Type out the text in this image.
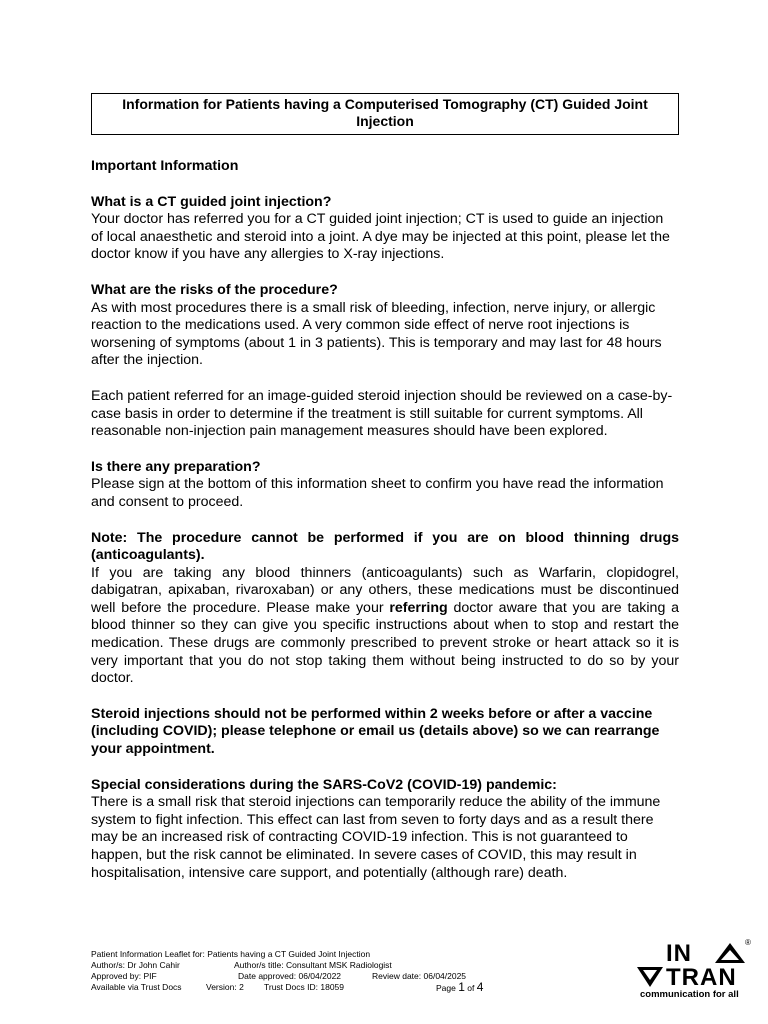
Information for Patients having a Computerised Tomography (CT) Guided Joint Injection

Important Information

What is a CT guided joint injection?

Your doctor has referred you for a CT guided joint injection; CT is used to guide an injection of local anaesthetic and steroid into a joint. A dye may be injected at this point, please let the doctor know if you have any allergies to X-ray injections.

What are the risks of the procedure?

As with most procedures there is a small risk of bleeding, infection, nerve injury, or allergic reaction to the medications used. A very common side effect of nerve root injections is worsening of symptoms (about 1 in 3 patients). This is temporary and may last for 48 hours after the injection.

Each patient referred for an image-guided steroid injection should be reviewed on a case-by-case basis in order to determine if the treatment is still suitable for current symptoms. All reasonable non-injection pain management measures should have been explored.

Is there any preparation?

Please sign at the bottom of this information sheet to confirm you have read the information and consent to proceed.

Note: The procedure cannot be performed if you are on blood thinning drugs (anticoagulants).

If you are taking any blood thinners (anticoagulants) such as Warfarin, clopidogrel, dabigatran, apixaban, rivaroxaban) or any others, these medications must be discontinued well before the procedure. Please make your referring doctor aware that you are taking a blood thinner so they can give you specific instructions about when to stop and restart the medication. These drugs are commonly prescribed to prevent stroke or heart attack so it is very important that you do not stop taking them without being instructed to do so by your doctor.

Steroid injections should not be performed within 2 weeks before or after a vaccine (including COVID); please telephone or email us (details above) so we can rearrange your appointment.

Special considerations during the SARS-CoV2 (COVID-19) pandemic:

There is a small risk that steroid injections can temporarily reduce the ability of the immune system to fight infection. This effect can last from seven to forty days and as a result there may be an increased risk of contracting COVID-19 infection. This is not guaranteed to happen, but the risk cannot be eliminated. In severe cases of COVID, this may result in hospitalisation, intensive care support, and potentially (although rare) death.

Patient Information Leaflet for: Patients having a CT Guided Joint Injection
Author/s: Dr John Cahir	Author/s title: Consultant MSK Radiologist
Approved by: PIF	Date approved: 06/04/2022	Review date: 06/04/2025
Available via Trust Docs	Version: 2	Trust Docs ID: 18059	Page 1 of 4
IN	®
TRAN
communication for all
